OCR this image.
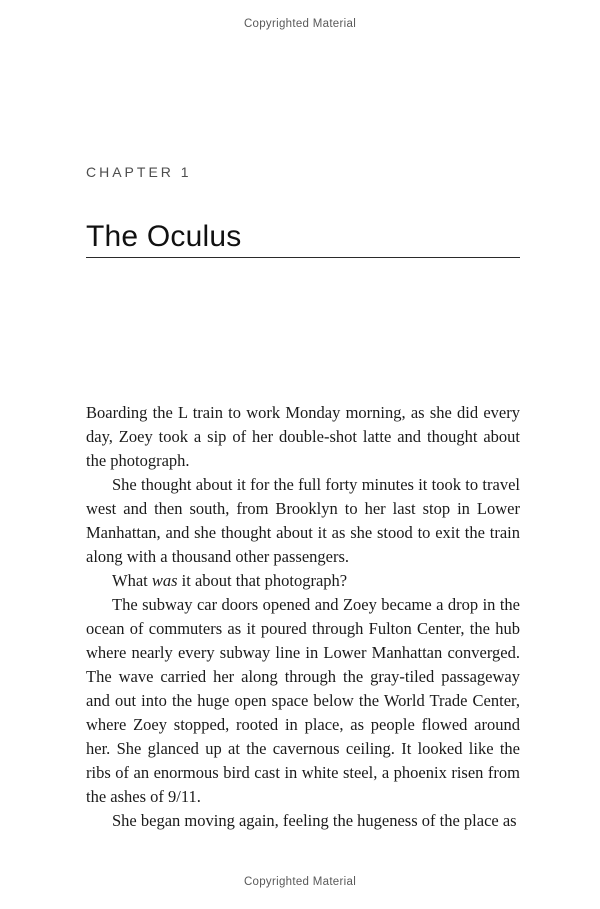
Copyrighted Material
CHAPTER 1
The Oculus

Boarding the L train to work Monday morning, as she did every day, Zoey took a sip of her double-shot latte and thought about the photograph.

She thought about it for the full forty minutes it took to travel west and then south, from Brooklyn to her last stop in Lower Manhattan, and she thought about it as she stood to exit the train along with a thousand other passengers.

What was it about that photograph?

The subway car doors opened and Zoey became a drop in the ocean of commuters as it poured through Fulton Center, the hub where nearly every subway line in Lower Manhattan converged. The wave carried her along through the gray-tiled passageway and out into the huge open space below the World Trade Center, where Zoey stopped, rooted in place, as people flowed around her. She glanced up at the cavernous ceiling. It looked like the ribs of an enormous bird cast in white steel, a phoenix risen from the ashes of 9/11.

She began moving again, feeling the hugeness of the place as

Copyrighted Material
